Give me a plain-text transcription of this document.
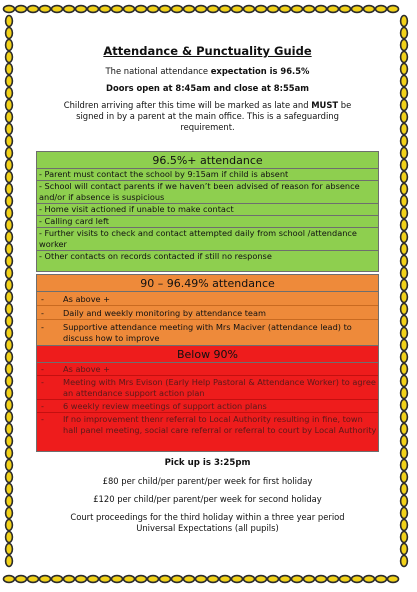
Attendance & Punctuality Guide

The national attendance expectation is 96.5%

Doors open at 8:45am and close at 8:55am

Children arriving after this time will be marked as late and MUST be

signed in by a parent at the main office. This is a safeguarding

requirement.

96.5%+ attendance
- Parent must contact the school by 9:15am if child is absent
- School will contact parents if we haven’t been advised of reason for absence and/or if absence is suspicious
- Home visit actioned if unable to make contact
- Calling card left
- Further visits to check and contact attempted daily from school /attendance worker
- Other contacts on records contacted if still no response
90 – 96.49% attendance
-	As above +
-	Daily and weekly monitoring by attendance team
-	Supportive attendance meeting with Mrs Maciver (attendance lead) to discuss how to improve
Below 90%
-	As above +
-	Meeting with Mrs Evison (Early Help Pastoral & Attendance Worker) to agree an attendance support action plan
-	6 weekly review meetings of support action plans
-	If no improvement thenr referral to Local Authority resulting in fine, town hall panel meeting, social care referral or referral to court by Local Authority
Pick up is 3:25pm
£80 per child/per parent/per week for first holiday
£120 per child/per parent/per week for second holiday
Court proceedings for the third holiday within a three year period
Universal Expectations (all pupils)
